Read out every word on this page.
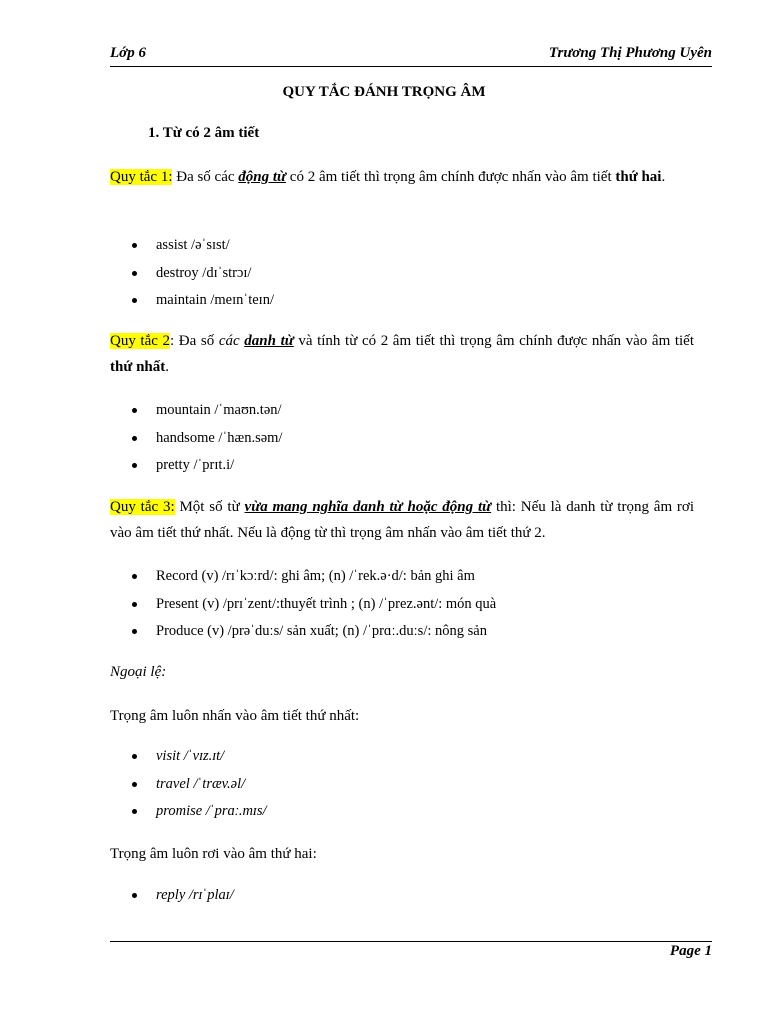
Lớp 6	Trương Thị Phương Uyên
QUY TẮC ĐÁNH TRỌNG ÂM
1. Từ có 2 âm tiết
Quy tắc 1: Đa số các động từ có 2 âm tiết thì trọng âm chính được nhấn vào âm tiết thứ hai.
assist /əˈsɪst/
destroy /dɪˈstrɔɪ/
maintain /meɪnˈteɪn/
Quy tắc 2: Đa số các danh từ và tính từ có 2 âm tiết thì trọng âm chính được nhấn vào âm tiết thứ nhất.
mountain /ˈmaʊn.tən/
handsome /ˈhæn.səm/
pretty /ˈprɪt.i/
Quy tắc 3: Một số từ vừa mang nghĩa danh từ hoặc động từ thì: Nếu là danh từ trọng âm rơi vào âm tiết thứ nhất. Nếu là động từ thì trọng âm nhấn vào âm tiết thứ 2.
Record (v) /rɪˈkɔːrd/: ghi âm; (n) /ˈrek.ə·d/: bản ghi âm
Present (v) /prɪˈzent/:thuyết trình ; (n) /ˈprez.ənt/: món quà
Produce (v) /prəˈduːs/ sản xuất; (n) /ˈprɑː.duːs/: nông sản
Ngoại lệ:
Trọng âm luôn nhấn vào âm tiết thứ nhất:
visit /ˈvɪz.ɪt/
travel /ˈtræv.əl/
promise /ˈprɑː.mɪs/
Trọng âm luôn rơi vào âm thứ hai:
reply /rɪˈplaɪ/
Page 1
